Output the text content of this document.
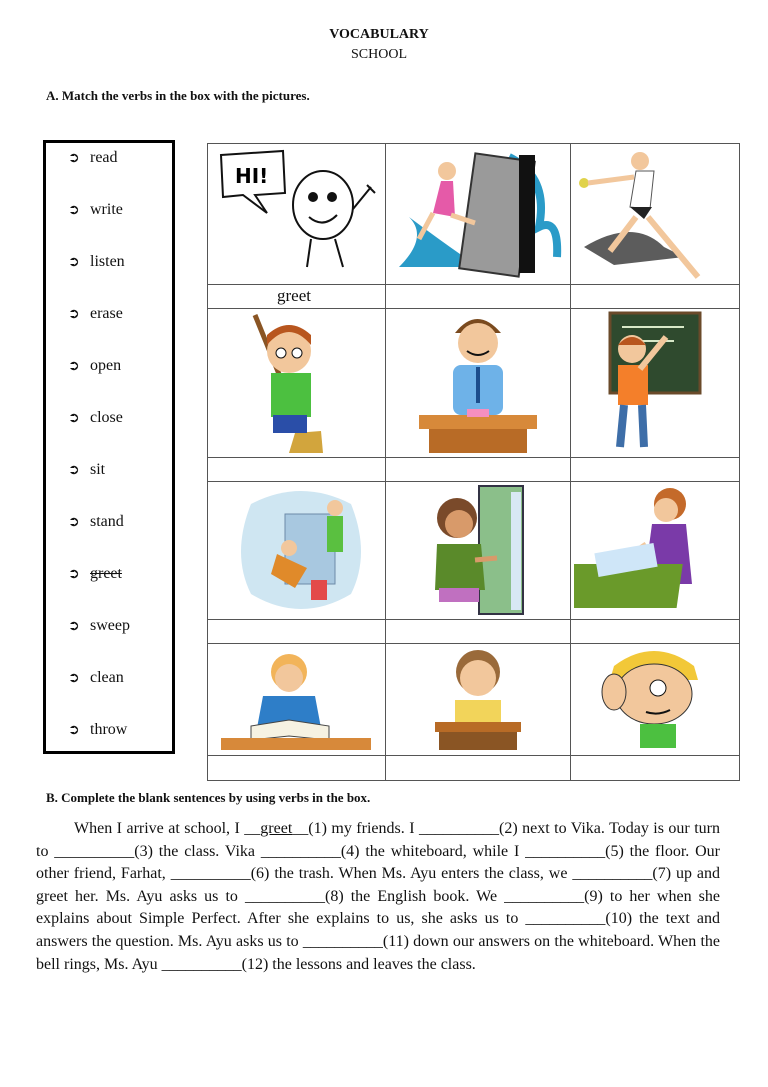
VOCABULARY
SCHOOL
A. Match the verbs in the box with the pictures.
➲ read
➲ write
➲ listen
➲ erase
➲ open
➲ close
➲ sit
➲ stand
➲ greet
➲ sweep
➲ clean
➲ throw
greet
HI!
B. Complete the blank sentences by using verbs in the box.
When I arrive at school, I __greet__(1) my friends. I __________(2) next to Vika. Today is our turn to __________(3) the class. Vika __________(4) the whiteboard, while I __________(5) the floor. Our other friend, Farhat, __________(6) the trash. When Ms. Ayu enters the class, we __________(7) up and greet her. Ms. Ayu asks us to __________(8) the English book. We __________(9) to her when she explains about Simple Perfect. After she explains to us, she asks us to __________(10) the text and answers the question. Ms. Ayu asks us to __________(11) down our answers on the whiteboard. When the bell rings, Ms. Ayu __________(12) the lessons and leaves the class.
